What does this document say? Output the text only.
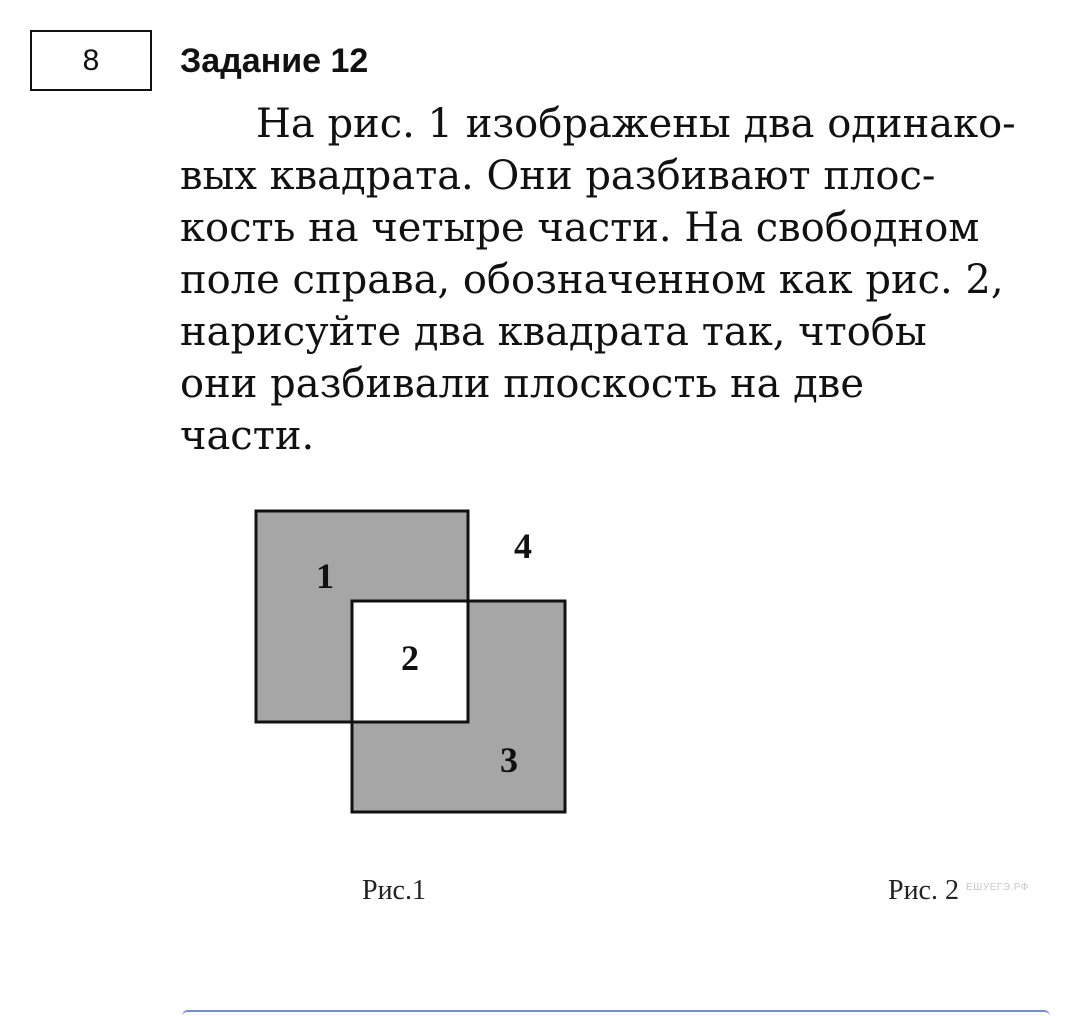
8 Задание 12
На рис. 1 изображены два одинако-
вых квадрата. Они разбивают плос-
кость на четыре части. На свободном
поле справа, обозначенном как рис. 2,
нарисуйте два квадрата так, чтобы
они разбивали плоскость на две
части.
1
2
3
4
Рис.1	Рис. 2 ЕШУЕГЭ.РФ
